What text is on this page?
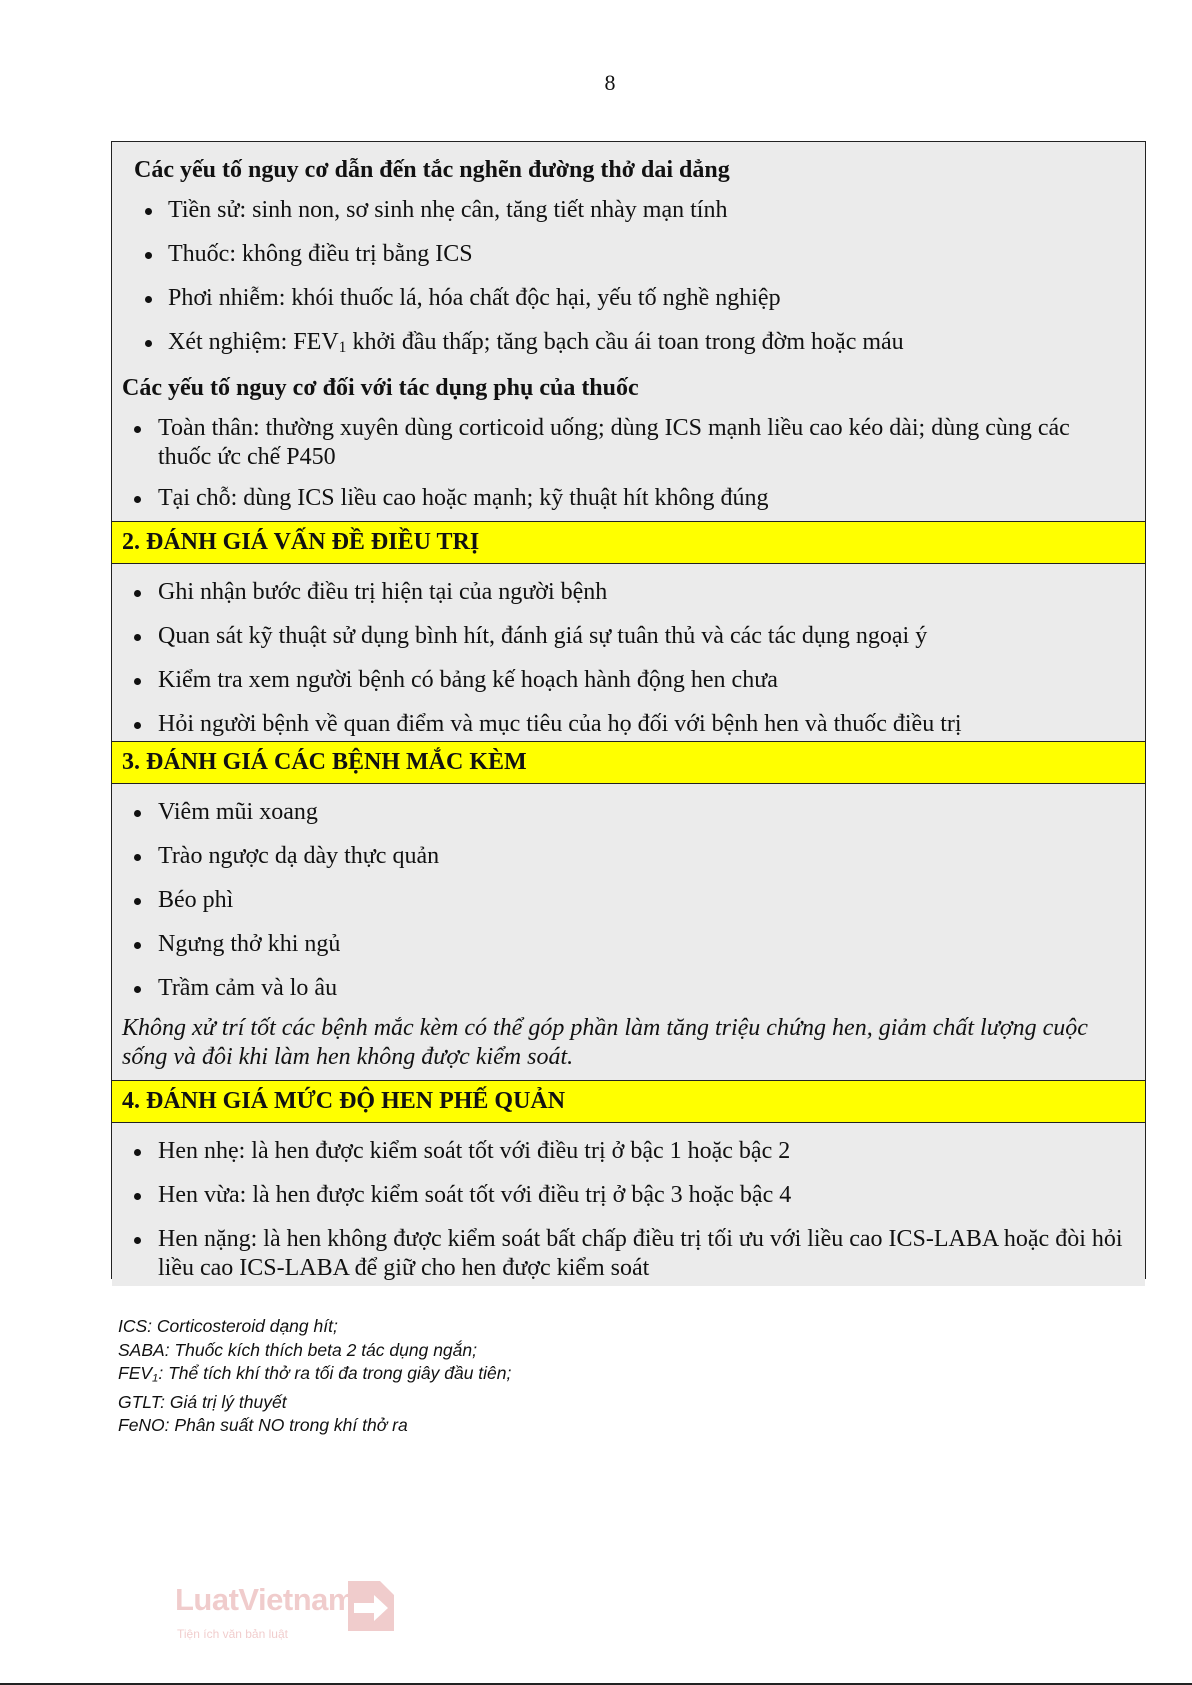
8
Các yếu tố nguy cơ dẫn đến tắc nghẽn đường thở dai dẳng
Tiền sử: sinh non, sơ sinh nhẹ cân, tăng tiết nhày mạn tính
Thuốc: không điều trị bằng ICS
Phơi nhiễm: khói thuốc lá, hóa chất độc hại, yếu tố nghề nghiệp
Xét nghiệm: $FEV_1$ khởi đầu thấp; tăng bạch cầu ái toan trong đờm hoặc máu
Các yếu tố nguy cơ đối với tác dụng phụ của thuốc
Toàn thân: thường xuyên dùng corticoid uống; dùng ICS mạnh liều cao kéo dài; dùng cùng các thuốc ức chế P450
Tại chỗ: dùng ICS liều cao hoặc mạnh; kỹ thuật hít không đúng
2. ĐÁNH GIÁ VẤN ĐỀ ĐIỀU TRỊ
Ghi nhận bước điều trị hiện tại của người bệnh
Quan sát kỹ thuật sử dụng bình hít, đánh giá sự tuân thủ và các tác dụng ngoại ý
Kiểm tra xem người bệnh có bảng kế hoạch hành động hen chưa
Hỏi người bệnh về quan điểm và mục tiêu của họ đối với bệnh hen và thuốc điều trị
3. ĐÁNH GIÁ CÁC BỆNH MẮC KÈM
Viêm mũi xoang
Trào ngược dạ dày thực quản
Béo phì
Ngưng thở khi ngủ
Trầm cảm và lo âu
Không xử trí tốt các bệnh mắc kèm có thể góp phần làm tăng triệu chứng hen, giảm chất lượng cuộc sống và đôi khi làm hen không được kiểm soát.
4. ĐÁNH GIÁ MỨC ĐỘ HEN PHẾ QUẢN
Hen nhẹ: là hen được kiểm soát tốt với điều trị ở bậc 1 hoặc bậc 2
Hen vừa: là hen được kiểm soát tốt với điều trị ở bậc 3 hoặc bậc 4
Hen nặng: là hen không được kiểm soát bất chấp điều trị tối ưu với liều cao ICS-LABA hoặc đòi hỏi liều cao ICS-LABA để giữ cho hen được kiểm soát
ICS: Corticosteroid dạng hít;
SABA: Thuốc kích thích beta 2 tác dụng ngắn;
$FEV_1$: Thể tích khí thở ra tối đa trong giây đầu tiên;
GTLT: Giá trị lý thuyết
FeNO: Phân suất NO trong khí thở ra
LuatVietnam
Tiện ích văn bản luật
